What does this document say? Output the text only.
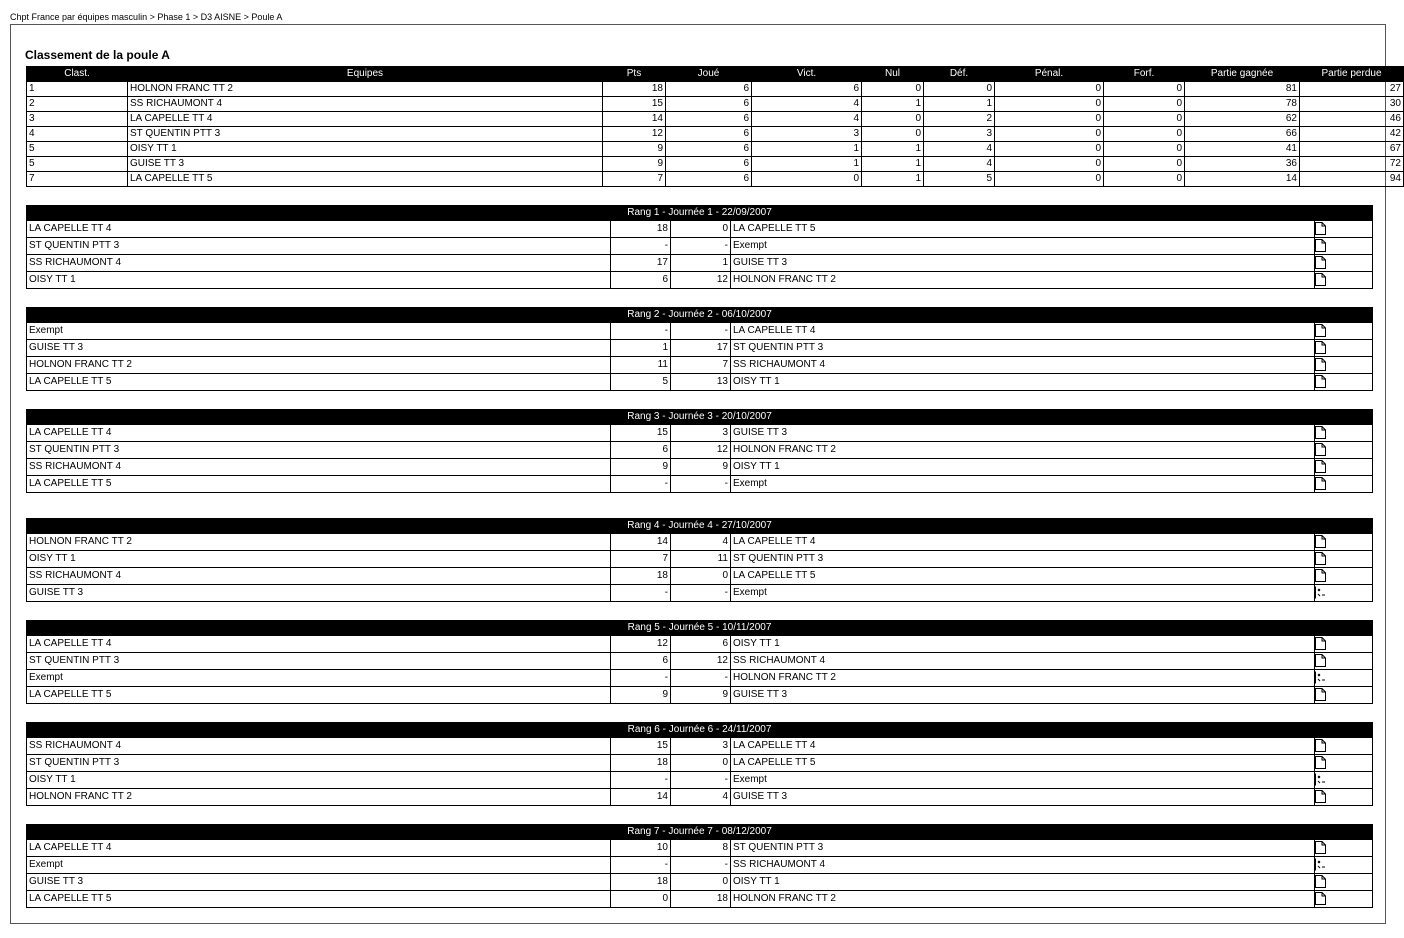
Chpt France par équipes masculin > Phase 1 > D3 AISNE > Poule A
Classement de la poule A
Clast.	Equipes	Pts	Joué	Vict.	Nul	Déf.	Pénal.	Forf.	Partie gagnée	Partie perdue
1	HOLNON FRANC TT 2	18	6	6	0	0	0	0	81	27
2	SS RICHAUMONT 4	15	6	4	1	1	0	0	78	30
3	LA CAPELLE TT 4	14	6	4	0	2	0	0	62	46
4	ST QUENTIN PTT 3	12	6	3	0	3	0	0	66	42
5	OISY TT 1	9	6	1	1	4	0	0	41	67
5	GUISE TT 3	9	6	1	1	4	0	0	36	72
7	LA CAPELLE TT 5	7	6	0	1	5	0	0	14	94
Rang 1 - Journée 1 - 22/09/2007				
LA CAPELLE TT 4	18	0	LA CAPELLE TT 5	
ST QUENTIN PTT 3	-	-	Exempt	
SS RICHAUMONT 4	17	1	GUISE TT 3	
OISY TT 1	6	12	HOLNON FRANC TT 2	
Rang 2 - Journée 2 - 06/10/2007				
Exempt	-	-	LA CAPELLE TT 4	
GUISE TT 3	1	17	ST QUENTIN PTT 3	
HOLNON FRANC TT 2	11	7	SS RICHAUMONT 4	
LA CAPELLE TT 5	5	13	OISY TT 1	
Rang 3 - Journée 3 - 20/10/2007				
LA CAPELLE TT 4	15	3	GUISE TT 3	
ST QUENTIN PTT 3	6	12	HOLNON FRANC TT 2	
SS RICHAUMONT 4	9	9	OISY TT 1	
LA CAPELLE TT 5	-	-	Exempt	
Rang 4 - Journée 4 - 27/10/2007				
HOLNON FRANC TT 2	14	4	LA CAPELLE TT 4	
OISY TT 1	7	11	ST QUENTIN PTT 3	
SS RICHAUMONT 4	18	0	LA CAPELLE TT 5	
GUISE TT 3	-	-	Exempt	
Rang 5 - Journée 5 - 10/11/2007				
LA CAPELLE TT 4	12	6	OISY TT 1	
ST QUENTIN PTT 3	6	12	SS RICHAUMONT 4	
Exempt	-	-	HOLNON FRANC TT 2	
LA CAPELLE TT 5	9	9	GUISE TT 3	
Rang 6 - Journée 6 - 24/11/2007				
SS RICHAUMONT 4	15	3	LA CAPELLE TT 4	
ST QUENTIN PTT 3	18	0	LA CAPELLE TT 5	
OISY TT 1	-	-	Exempt	
HOLNON FRANC TT 2	14	4	GUISE TT 3	
Rang 7 - Journée 7 - 08/12/2007				
LA CAPELLE TT 4	10	8	ST QUENTIN PTT 3	
Exempt	-	-	SS RICHAUMONT 4	
GUISE TT 3	18	0	OISY TT 1	
LA CAPELLE TT 5	0	18	HOLNON FRANC TT 2	
